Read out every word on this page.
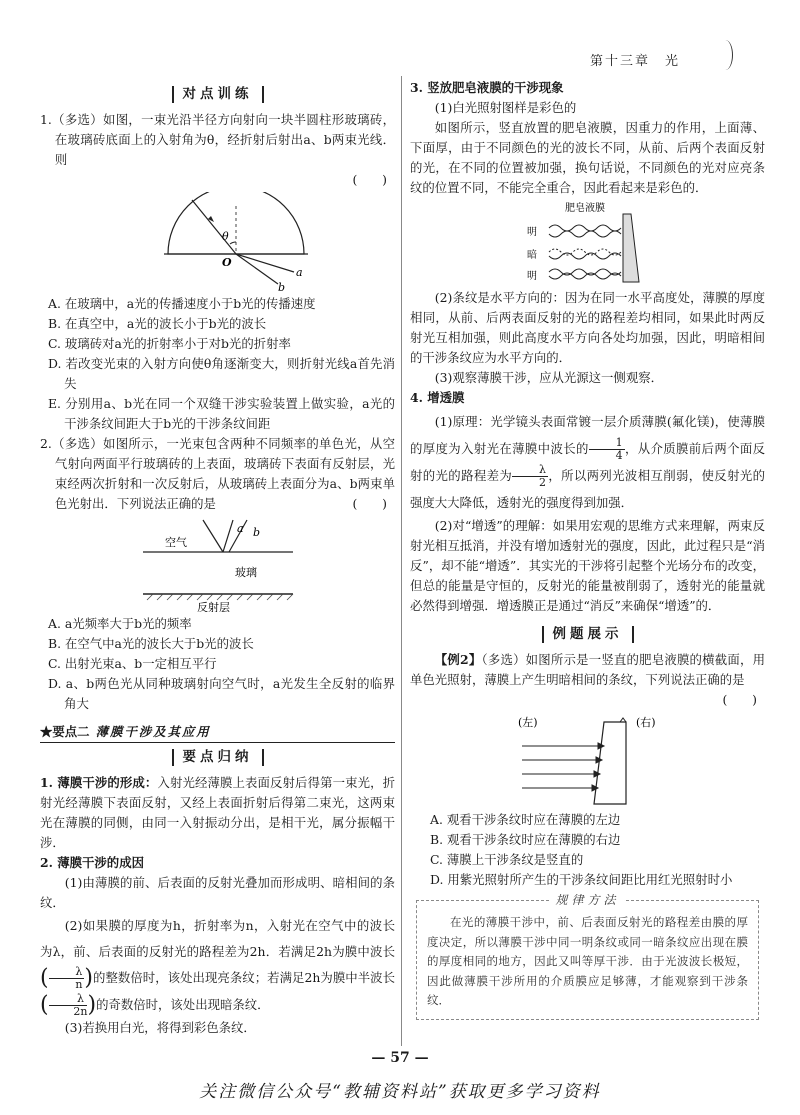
第十三章　光
对点训练

1.（多选）如图，一束光沿半径方向射向一块半圆柱形玻璃砖，在玻璃砖底面上的入射角为θ，经折射后射出a、b两束光线．则

(　　)

θ
O
a
b

A. 在玻璃中，a光的传播速度小于b光的传播速度

B. 在真空中，a光的波长小于b光的波长

C. 玻璃砖对a光的折射率小于对b光的折射率

D. 若改变光束的入射方向使θ角逐渐变大，则折射光线a首先消失

E. 分别用a、b光在同一个双缝干涉实验装置上做实验，a光的干涉条纹间距大于b光的干涉条纹间距

2.（多选）如图所示，一光束包含两种不同频率的单色光，从空气射向两面平行玻璃砖的上表面，玻璃砖下表面有反射层，光束经两次折射和一次反射后，从玻璃砖上表面分为a、b两束单色光射出．下列说法正确的是	(　　)

空气
a b
玻璃
反射层

A. a光频率大于b光的频率

B. 在空气中a光的波长大于b光的波长

C. 出射光束a、b一定相互平行

D. a、b两色光从同种玻璃射向空气时，a光发生全反射的临界角大

★要点二 薄膜干涉及其应用
要点归纳

1. 薄膜干涉的形成：入射光经薄膜上表面反射后得第一束光，折射光经薄膜下表面反射，又经上表面折射后得第二束光，这两束光在薄膜的同侧，由同一入射振动分出，是相干光，属分振幅干涉．

2. 薄膜干涉的成因

(1)由薄膜的前、后表面的反射光叠加而形成明、暗相间的条纹．

(2)如果膜的厚度为h，折射率为n，入射光在空气中的波长为λ，前、后表面的反射光的路程差为2h．若满足2h为膜中波长( $\frac{\lambda}{n}$ )的整数倍时，该处出现亮条纹；若满足2h为膜中半波长( $\frac{\lambda}{2n}$ )的奇数倍时，该处出现暗条纹．

(3)若换用白光，将得到彩色条纹．

3. 竖放肥皂液膜的干涉现象

(1)白光照射图样是彩色的

如图所示，竖直放置的肥皂液膜，因重力的作用，上面薄、下面厚，由于不同颜色的光的波长不同，从前、后两个表面反射的光，在不同的位置被加强，换句话说，不同颜色的光对应亮条纹的位置不同，不能完全重合，因此看起来是彩色的．

肥皂液膜
明
暗
明

(2)条纹是水平方向的：因为在同一水平高度处，薄膜的厚度相同，从前、后两表面反射的光的路程差均相同，如果此时两反射光互相加强，则此高度水平方向各处均加强，因此，明暗相间的干涉条纹应为水平方向的．

(3)观察薄膜干涉，应从光源这一侧观察．

4. 增透膜

(1)原理：光学镜头表面常镀一层介质薄膜(氟化镁)，使薄膜的厚度为入射光在薄膜中波长的 $\frac{1}{4}$ ，从介质膜前后两个面反射的光的路程差为 $\frac{\lambda}{2}$ ，所以两列光波相互削弱，使反射光的强度大大降低，透射光的强度得到加强．

(2)对“增透”的理解：如果用宏观的思维方式来理解，两束反射光相互抵消，并没有增加透射光的强度，因此，此过程只是“消反”，却不能“增透”．其实光的干涉将引起整个光场分布的改变，但总的能量是守恒的，反射光的能量被削弱了，透射光的能量就必然得到增强．增透膜正是通过“消反”来确保“增透”的．

例题展示

【例2】（多选）如图所示是一竖直的肥皂液膜的横截面，用单色光照射，薄膜上产生明暗相间的条纹，下列说法正确的是

(　　)

(左)	(右)

A. 观看干涉条纹时应在薄膜的左边

B. 观看干涉条纹时应在薄膜的右边

C. 薄膜上干涉条纹是竖直的

D. 用紫光照射所产生的干涉条纹间距比用红光照射时小

规律方法

在光的薄膜干涉中，前、后表面反射光的路程差由膜的厚度决定，所以薄膜干涉中同一明条纹或同一暗条纹应出现在膜的厚度相同的地方，因此又叫等厚干涉．由于光波波长极短，因此做薄膜干涉所用的介质膜应足够薄，才能观察到干涉条纹．

— 57 —
关注微信公众号“教辅资料站”获取更多学习资料
